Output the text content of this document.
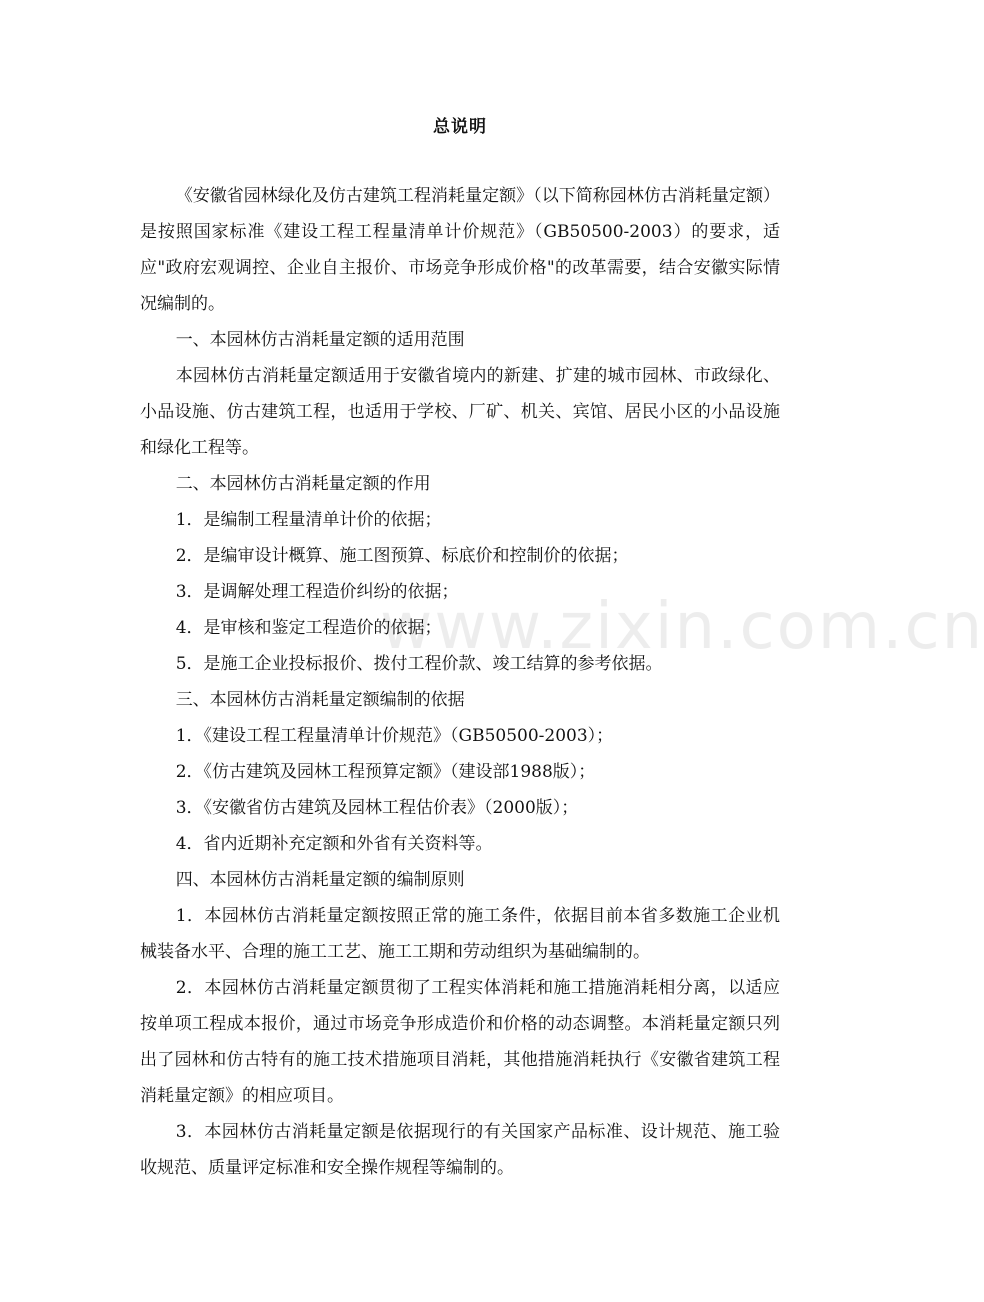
www.zixin.com.cn
总说明

《安徽省园林绿化及仿古建筑工程消耗量定额》（以下简称园林仿古消耗量定额）是按照国家标准《建设工程工程量清单计价规范》（GB50500-2003）的要求，适应"政府宏观调控、企业自主报价、市场竞争形成价格"的改革需要，结合安徽实际情况编制的。

一、本园林仿古消耗量定额的适用范围

本园林仿古消耗量定额适用于安徽省境内的新建、扩建的城市园林、市政绿化、小品设施、仿古建筑工程，也适用于学校、厂矿、机关、宾馆、居民小区的小品设施和绿化工程等。

二、本园林仿古消耗量定额的作用

1．是编制工程量清单计价的依据；

2．是编审设计概算、施工图预算、标底价和控制价的依据；

3．是调解处理工程造价纠纷的依据；

4．是审核和鉴定工程造价的依据；

5．是施工企业投标报价、拨付工程价款、竣工结算的参考依据。

三、本园林仿古消耗量定额编制的依据

1．《建设工程工程量清单计价规范》（GB50500-2003）；

2．《仿古建筑及园林工程预算定额》（建设部1988版）；

3．《安徽省仿古建筑及园林工程估价表》（2000版）；

4．省内近期补充定额和外省有关资料等。

四、本园林仿古消耗量定额的编制原则

1．本园林仿古消耗量定额按照正常的施工条件，依据目前本省多数施工企业机械装备水平、合理的施工工艺、施工工期和劳动组织为基础编制的。

2．本园林仿古消耗量定额贯彻了工程实体消耗和施工措施消耗相分离，以适应按单项工程成本报价，通过市场竞争形成造价和价格的动态调整。本消耗量定额只列出了园林和仿古特有的施工技术措施项目消耗，其他措施消耗执行《安徽省建筑工程消耗量定额》的相应项目。

3．本园林仿古消耗量定额是依据现行的有关国家产品标准、设计规范、施工验收规范、质量评定标准和安全操作规程等编制的。
